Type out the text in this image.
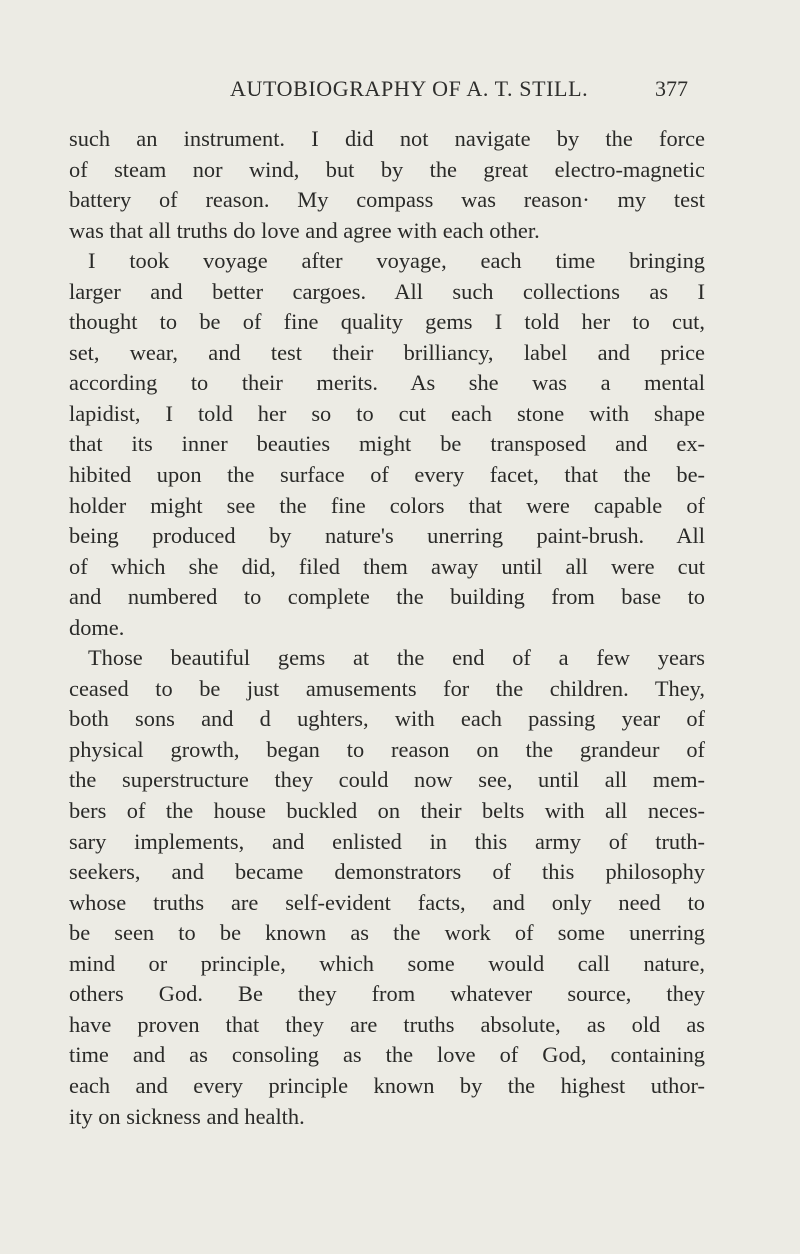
AUTOBIOGRAPHY OF A. T. STILL.	377
such an instrument. I did not navigate by the force
of steam nor wind, but by the great electro-magnetic
battery of reason. My compass was reason· my test
was that all truths do love and agree with each other.
I took voyage after voyage, each time bringing
larger and better cargoes. All such collections as I
thought to be of fine quality gems I told her to cut,
set, wear, and test their brilliancy, label and price
according to their merits. As she was a mental
lapidist, I told her so to cut each stone with shape
that its inner beauties might be transposed and ex-
hibited upon the surface of every facet, that the be-
holder might see the fine colors that were capable of
being produced by nature's unerring paint-brush. All
of which she did, filed them away until all were cut
and numbered to complete the building from base to
dome.
Those beautiful gems at the end of a few years
ceased to be just amusements for the children. They,
both sons and d ughters, with each passing year of
physical growth, began to reason on the grandeur of
the superstructure they could now see, until all mem-
bers of the house buckled on their belts with all neces-
sary implements, and enlisted in this army of truth-
seekers, and became demonstrators of this philosophy
whose truths are self-evident facts, and only need to
be seen to be known as the work of some unerring
mind or principle, which some would call nature,
others God. Be they from whatever source, they
have proven that they are truths absolute, as old as
time and as consoling as the love of God, containing
each and every principle known by the highest uthor-
ity on sickness and health.
